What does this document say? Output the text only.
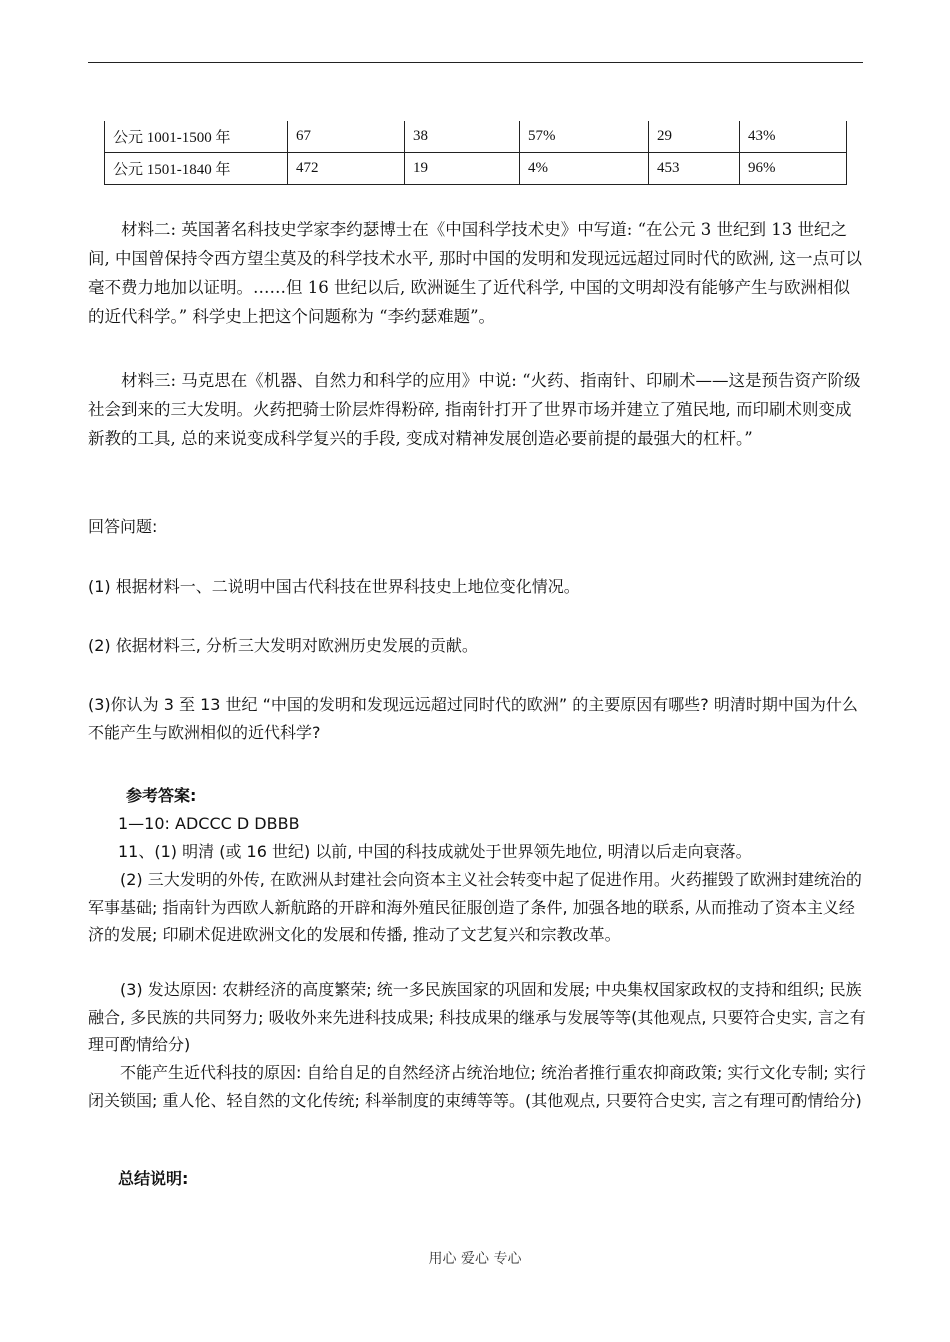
公元 1001-1500 年	67	38	57%	29	43%
公元 1501-1840 年	472	19	4%	453	96%

材料二: 英国著名科技史学家李约瑟博士在《中国科学技术史》中写道: “在公元 3 世纪到 13 世纪之间, 中国曾保持令西方望尘莫及的科学技术水平, 那时中国的发明和发现远远超过同时代的欧洲, 这一点可以毫不费力地加以证明。……但 16 世纪以后, 欧洲诞生了近代科学, 中国的文明却没有能够产生与欧洲相似的近代科学。” 科学史上把这个问题称为 “李约瑟难题”。

材料三: 马克思在《机器、自然力和科学的应用》中说: “火药、指南针、印刷术——这是预告资产阶级社会到来的三大发明。火药把骑士阶层炸得粉碎, 指南针打开了世界市场并建立了殖民地, 而印刷术则变成新教的工具, 总的来说变成科学复兴的手段, 变成对精神发展创造必要前提的最强大的杠杆。”

回答问题:

(1) 根据材料一、二说明中国古代科技在世界科技史上地位变化情况。

(2) 依据材料三, 分析三大发明对欧洲历史发展的贡献。

(3)你认为 3 至 13 世纪 “中国的发明和发现远远超过同时代的欧洲” 的主要原因有哪些? 明清时期中国为什么不能产生与欧洲相似的近代科学?

参考答案:

1—10: ADCCC D DBBB

11、(1) 明清 (或 16 世纪) 以前, 中国的科技成就处于世界领先地位, 明清以后走向衰落。

(2) 三大发明的外传, 在欧洲从封建社会向资本主义社会转变中起了促进作用。火药摧毁了欧洲封建统治的军事基础; 指南针为西欧人新航路的开辟和海外殖民征服创造了条件, 加强各地的联系, 从而推动了资本主义经济的发展; 印刷术促进欧洲文化的发展和传播, 推动了文艺复兴和宗教改革。

(3) 发达原因: 农耕经济的高度繁荣; 统一多民族国家的巩固和发展; 中央集权国家政权的支持和组织; 民族融合, 多民族的共同努力; 吸收外来先进科技成果; 科技成果的继承与发展等等(其他观点, 只要符合史实, 言之有理可酌情给分)

不能产生近代科技的原因: 自给自足的自然经济占统治地位; 统治者推行重农抑商政策; 实行文化专制; 实行闭关锁国; 重人伦、轻自然的文化传统; 科举制度的束缚等等。(其他观点, 只要符合史实, 言之有理可酌情给分)

总结说明:

用心 爱心 专心
